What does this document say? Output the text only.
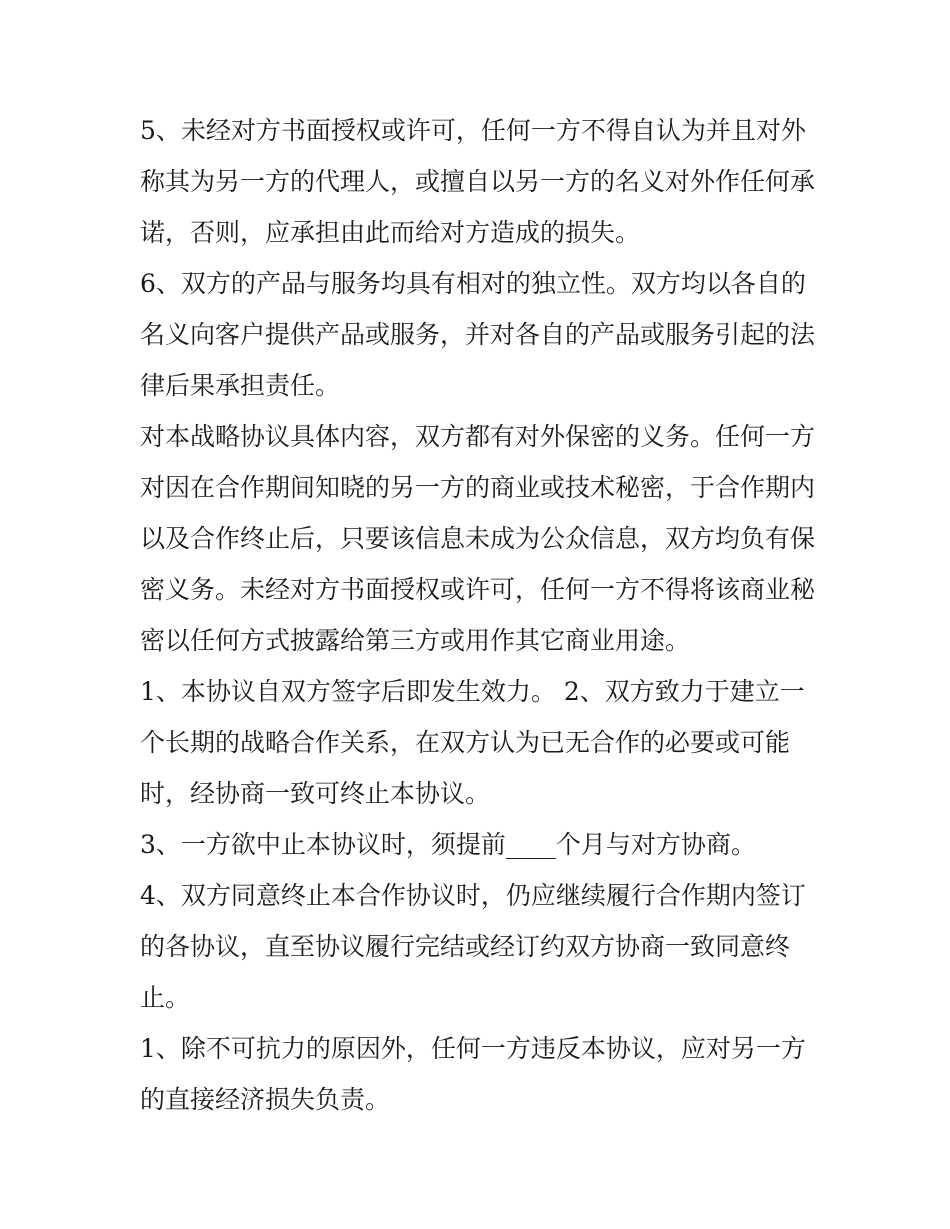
5、未经对方书面授权或许可，任何一方不得自认为并且对外
称其为另一方的代理人，或擅自以另一方的名义对外作任何承
诺，否则，应承担由此而给对方造成的损失。
6、双方的产品与服务均具有相对的独立性。双方均以各自的
名义向客户提供产品或服务，并对各自的产品或服务引起的法
律后果承担责任。
对本战略协议具体内容，双方都有对外保密的义务。任何一方
对因在合作期间知晓的另一方的商业或技术秘密，于合作期内
以及合作终止后，只要该信息未成为公众信息，双方均负有保
密义务。未经对方书面授权或许可，任何一方不得将该商业秘
密以任何方式披露给第三方或用作其它商业用途。
1、本协议自双方签字后即发生效力。 2、双方致力于建立一
个长期的战略合作关系，在双方认为已无合作的必要或可能
时，经协商一致可终止本协议。
3、一方欲中止本协议时，须提前____个月与对方协商。
4、双方同意终止本合作协议时，仍应继续履行合作期内签订
的各协议，直至协议履行完结或经订约双方协商一致同意终
止。
1、除不可抗力的原因外，任何一方违反本协议，应对另一方
的直接经济损失负责。
